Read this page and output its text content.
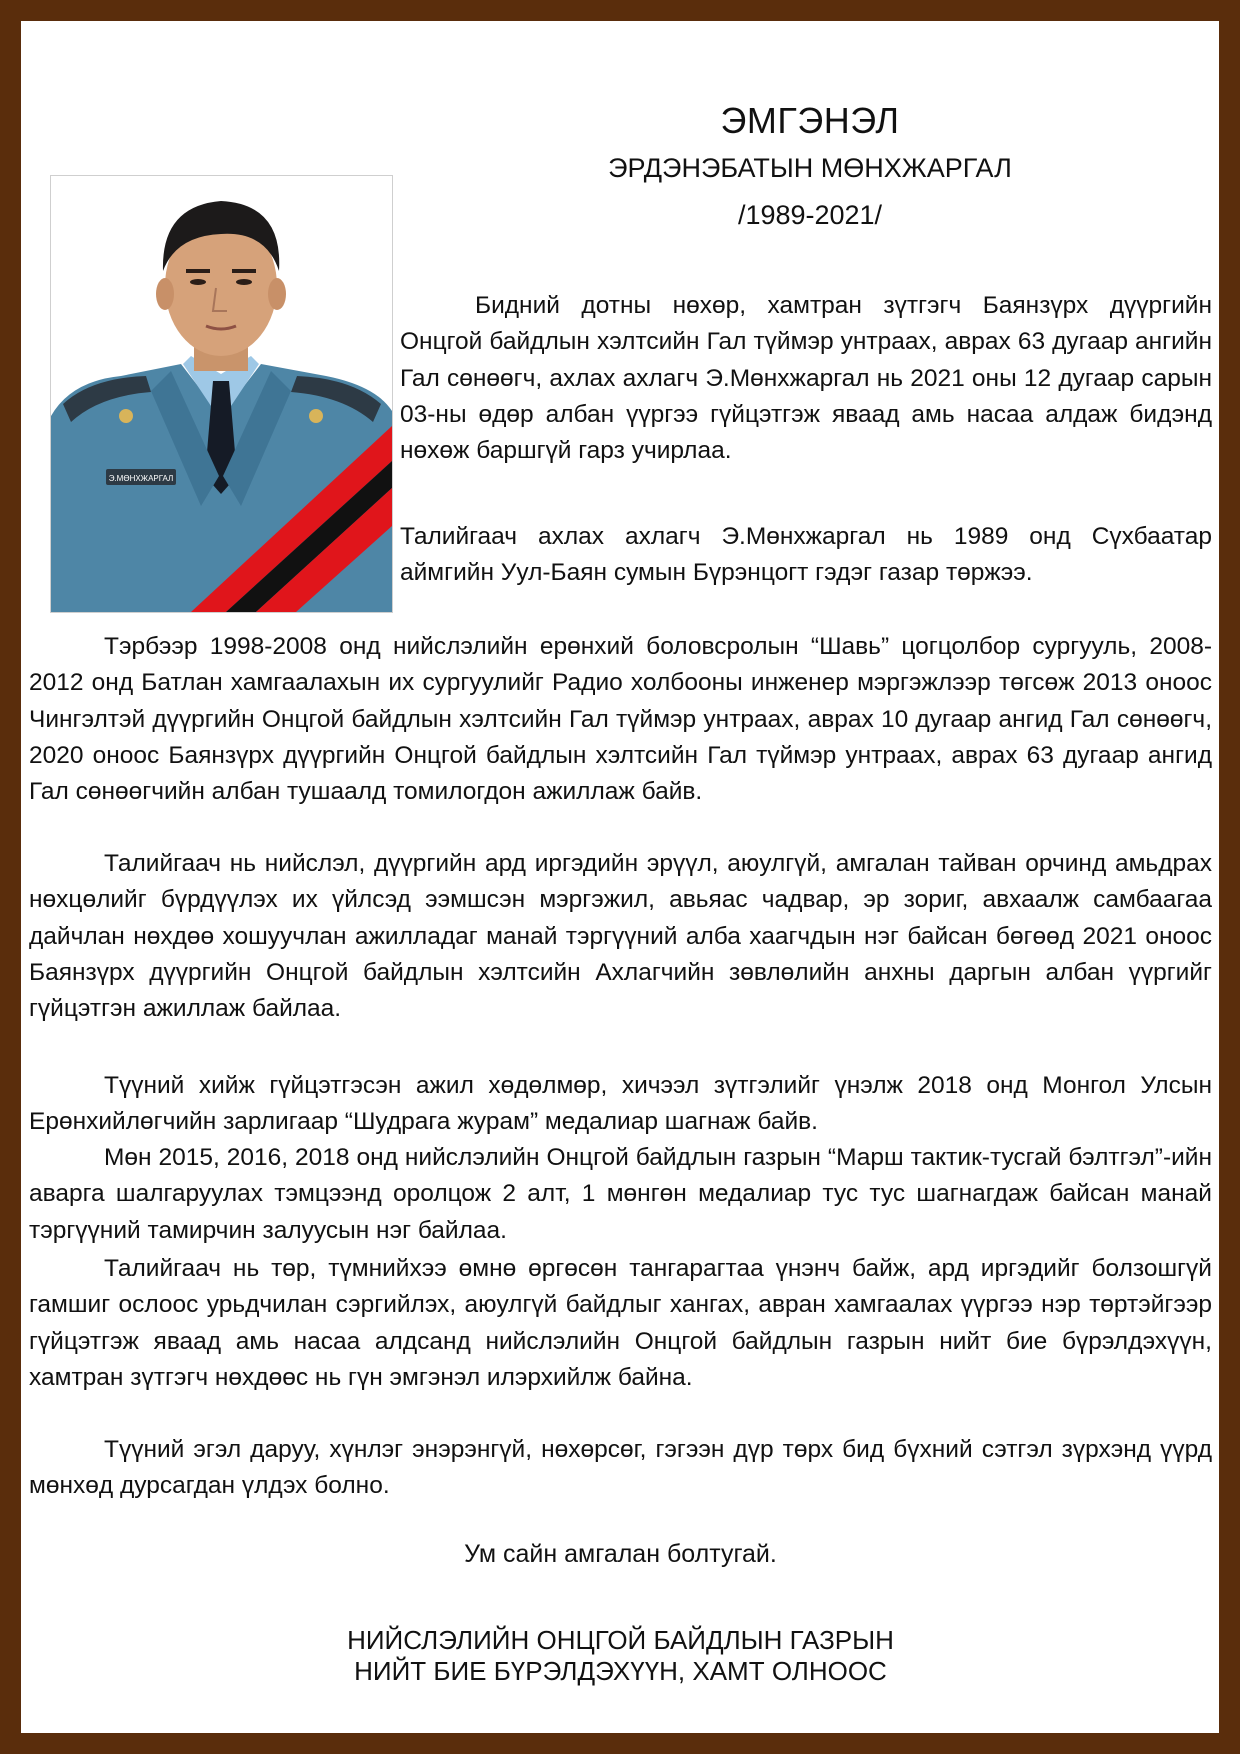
ЭМГЭНЭЛ
ЭРДЭНЭБАТЫН МӨНХЖАРГАЛ
/1989-2021/
Э.МӨНХЖАРГАЛ

Бидний дотны нөхөр, хамтран зүтгэгч Баянзүрх дүүргийн Онцгой байдлын хэлтсийн Гал түймэр унтраах, аврах 63 дугаар ангийн Гал сөнөөгч, ахлах ахлагч Э.Мөнхжаргал нь 2021 оны 12 дугаар сарын 03-ны өдөр албан үүргээ гүйцэтгэж яваад амь насаа алдаж бидэнд нөхөж баршгүй гарз учирлаа.

Талийгаач ахлах ахлагч Э.Мөнхжаргал нь 1989 онд Сүхбаатар аймгийн Уул-Баян сумын Бүрэнцогт гэдэг газар төржээ.

Тэрбээр 1998-2008 онд нийслэлийн ерөнхий боловсролын “Шавь” цогцолбор сургууль, 2008-2012 онд Батлан хамгаалахын их сургуулийг Радио холбооны инженер мэргэжлээр төгсөж 2013 оноос Чингэлтэй дүүргийн Онцгой байдлын хэлтсийн Гал түймэр унтраах, аврах 10 дугаар ангид Гал сөнөөгч, 2020 оноос Баянзүрх дүүргийн Онцгой байдлын хэлтсийн Гал түймэр унтраах, аврах 63 дугаар ангид Гал сөнөөгчийн албан тушаалд томилогдон ажиллаж байв.

Талийгаач нь нийслэл, дүүргийн ард иргэдийн эрүүл, аюулгүй, амгалан тайван орчинд амьдрах нөхцөлийг бүрдүүлэх их үйлсэд ээмшсэн мэргэжил, авьяас чадвар, эр зориг, авхаалж самбаагаа дайчлан нөхдөө хошуучлан ажилладаг манай тэргүүний алба хаагчдын нэг байсан бөгөөд 2021 оноос Баянзүрх дүүргийн Онцгой байдлын хэлтсийн Ахлагчийн зөвлөлийн анхны даргын албан үүргийг гүйцэтгэн ажиллаж байлаа.

Түүний хийж гүйцэтгэсэн ажил хөдөлмөр, хичээл зүтгэлийг үнэлж 2018 онд Монгол Улсын Ерөнхийлөгчийн зарлигаар “Шудрага журам” медалиар шагнаж байв.

Мөн 2015, 2016, 2018 онд нийслэлийн Онцгой байдлын газрын “Марш тактик-тусгай бэлтгэл”-ийн аварга шалгаруулах тэмцээнд оролцож 2 алт, 1 мөнгөн медалиар тус тус шагнагдаж байсан манай тэргүүний тамирчин залуусын нэг байлаа.

Талийгаач нь төр, түмнийхээ өмнө өргөсөн тангарагтаа үнэнч байж, ард иргэдийг болзошгүй гамшиг ослоос урьдчилан сэргийлэх, аюулгүй байдлыг хангах, авран хамгаалах үүргээ нэр төртэйгээр гүйцэтгэж яваад амь насаа алдсанд нийслэлийн Онцгой байдлын газрын нийт бие бүрэлдэхүүн, хамтран зүтгэгч нөхдөөс нь гүн эмгэнэл илэрхийлж байна.

Түүний эгэл даруу, хүнлэг энэрэнгүй, нөхөрсөг, гэгээн дүр төрх бид бүхний сэтгэл зүрхэнд үүрд мөнхөд дурсагдан үлдэх болно.

Ум сайн амгалан болтугай.
НИЙСЛЭЛИЙН ОНЦГОЙ БАЙДЛЫН ГАЗРЫН
НИЙТ БИЕ БҮРЭЛДЭХҮҮН, ХАМТ ОЛНООС
